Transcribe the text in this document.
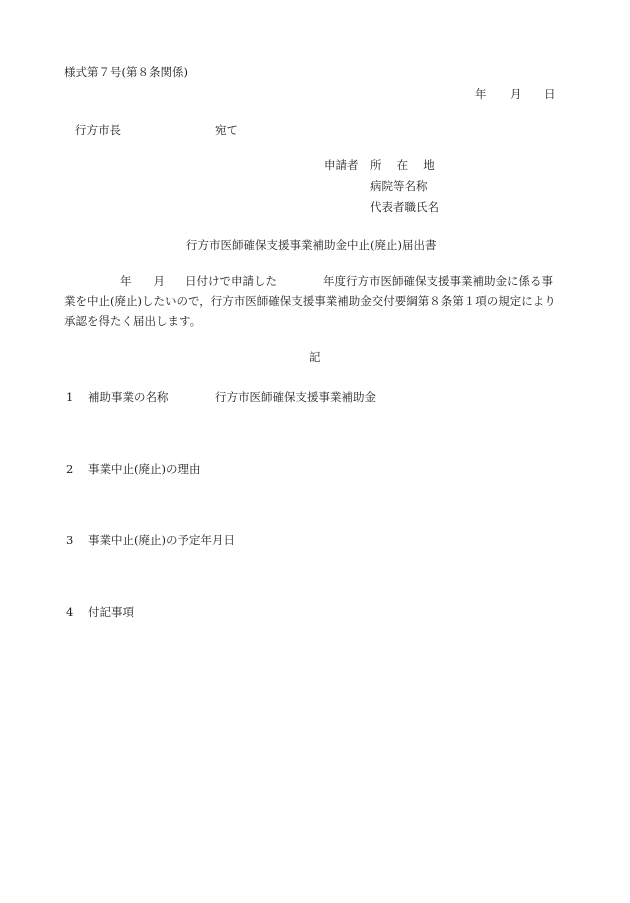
様式第７号(第８条関係)
年 月 日
行方市長	宛て
申請者 所　 在　 地
病院等名称
代表者職氏名
行方市医師確保支援事業補助金中止(廃止)届出書
年 月 日付けで申請した	年度行方市医師確保支援事業補助金に係る事
業を中止(廃止)したいので，行方市医師確保支援事業補助金交付要綱第８条第１項の規定により
承認を得たく届出します。
記
1 補助事業の名称	行方市医師確保支援事業補助金
2 事業中止(廃止)の理由
3 事業中止(廃止)の予定年月日
4 付記事項
